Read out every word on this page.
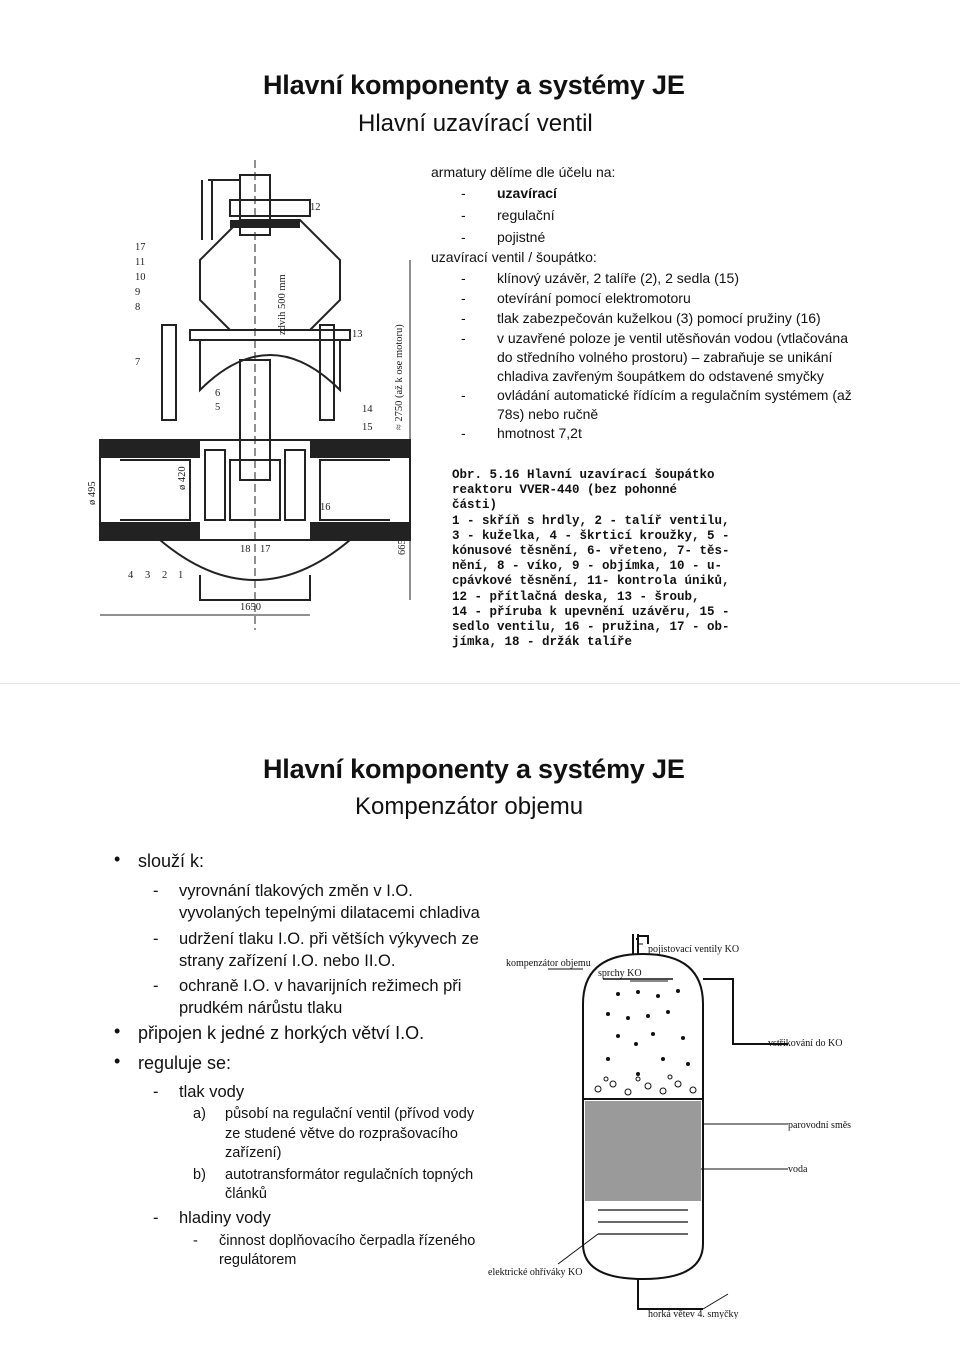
Hlavní komponenty a systémy JE
Hlavní uzavírací ventil
zdvih 500 mm
≈ 2750 (až k ose motoru)
1650
665
ø 495
ø 420
12
17
11
10
9
8
7
6
5
13
14
15
16
18 17
4 3 2 1
armatury dělíme dle účelu na:
- uzavírací
- regulační
- pojistné
uzavírací ventil / šoupátko:
- klínový uzávěr, 2 talíře (2), 2 sedla (15)
- otevírání pomocí elektromotoru
- tlak zabezpečován kuželkou (3) pomocí pružiny (16)
- v uzavřené poloze je ventil utěsňován vodou (vtlačována
do středního volného prostoru) – zabraňuje se unikání
chladiva zavřeným šoupátkem do odstavené smyčky
- ovládání automatické řídícím a regulačním systémem (až
78s) nebo ručně
- hmotnost 7,2t
Obr. 5.16 Hlavní uzavírací šoupátko
reaktoru VVER-440 (bez pohonné
části)
1 - skříň s hrdly, 2 - talíř ventilu,
3 - kuželka, 4 - škrticí kroužky, 5 -
kónusové těsnění, 6- vřeteno, 7- těs-
nění, 8 - víko, 9 - objímka, 10 - u-
cpávkové těsnění, 11- kontrola úniků,
12 - přítlačná deska, 13 - šroub,
14 - příruba k upevnění uzávěru, 15 -
sedlo ventilu, 16 - pružina, 17 - ob-
jímka, 18 - držák talíře
Hlavní komponenty a systémy JE
Kompenzátor objemu
• slouží k:
- vyrovnání tlakových změn v I.O.
vyvolaných tepelnými dilatacemi chladiva
- udržení tlaku I.O. při větších výkyvech ze
strany zařízení I.O. nebo II.O.
- ochraně I.O. v havarijních režimech při
prudkém nárůstu tlaku
• připojen k jedné z horkých větví I.O.
• reguluje se:
- tlak vody
a) působí na regulační ventil (přívod vody
ze studené větve do rozprašovacího
zařízení)
b) autotransformátor regulačních topných
článků
- hladiny vody
- činnost doplňovacího čerpadla řízeného
regulátorem
pojistovací ventily KO
kompenzátor objemu
sprchy KO
vstřikování do KO
parovodní směs
voda
elektrické ohříváky KO
horká větev 4. smyčky
